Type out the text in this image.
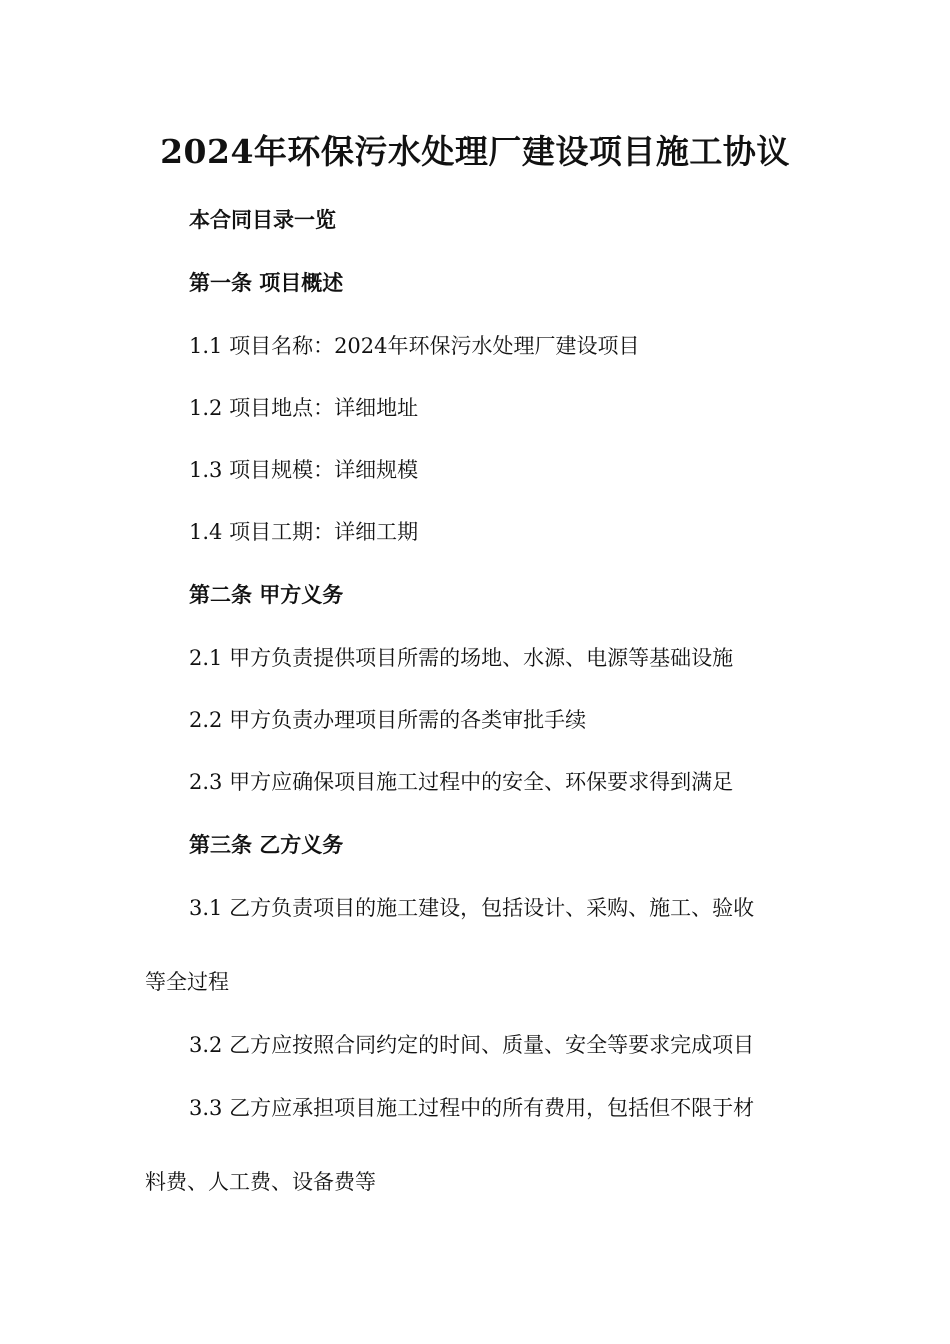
2024年环保污水处理厂建设项目施工协议
本合同目录一览
第一条 项目概述
1.1 项目名称：2024年环保污水处理厂建设项目
1.2 项目地点：详细地址
1.3 项目规模：详细规模
1.4 项目工期：详细工期
第二条 甲方义务
2.1 甲方负责提供项目所需的场地、水源、电源等基础设施
2.2 甲方负责办理项目所需的各类审批手续
2.3 甲方应确保项目施工过程中的安全、环保要求得到满足
第三条 乙方义务
3.1 乙方负责项目的施工建设，包括设计、采购、施工、验收
等全过程
3.2 乙方应按照合同约定的时间、质量、安全等要求完成项目
3.3 乙方应承担项目施工过程中的所有费用，包括但不限于材
料费、人工费、设备费等
